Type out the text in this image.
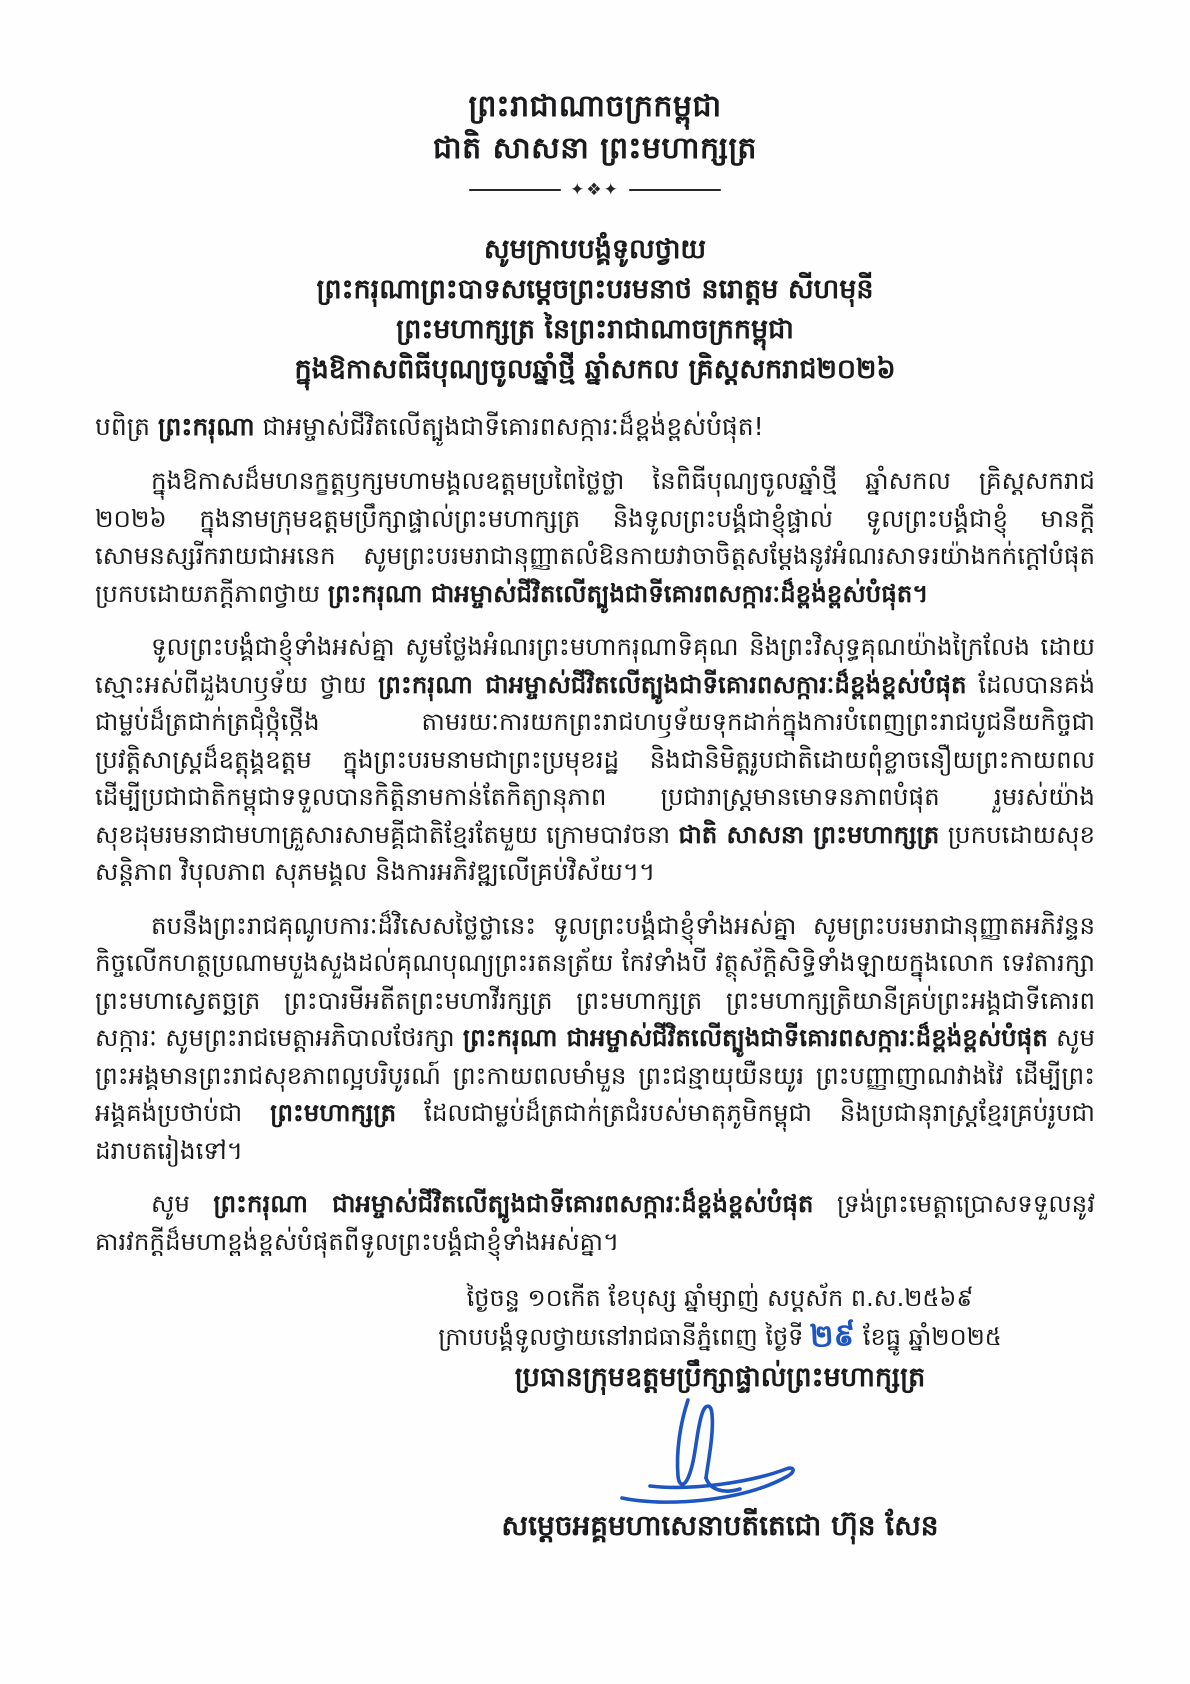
ព្រះរាជាណាចក្រកម្ពុជា
ជាតិ សាសនា ព្រះមហាក្សត្រ
✦❖✦
សូមក្រាបបង្គំទូលថ្វាយ
ព្រះករុណាព្រះបាទសម្តេចព្រះបរមនាថ នរោត្តម សីហមុនី
ព្រះមហាក្សត្រ នៃព្រះរាជាណាចក្រកម្ពុជា
ក្នុងឱកាសពិធីបុណ្យចូលឆ្នាំថ្មី ឆ្នាំសកល គ្រិស្តសករាជ២០២៦

បពិត្រ ព្រះករុណា ជាអម្ចាស់ជីវិតលើត្បូងជាទីគោរពសក្ការៈដ៏ខ្ពង់ខ្ពស់បំផុត!

ក្នុងឱកាសដ៏មហនក្ខត្តឫក្សមហាមង្គលឧត្តមប្រពៃថ្លៃថ្លា នៃពិធីបុណ្យចូលឆ្នាំថ្មី ឆ្នាំសកល គ្រិស្តសករាជ ២០២៦ ក្នុងនាមក្រុមឧត្តមប្រឹក្សាផ្ទាល់ព្រះមហាក្សត្រ និងទូលព្រះបង្គំជាខ្ញុំផ្ទាល់ ទូលព្រះបង្គំជាខ្ញុំ មានក្តីសោមនស្សរីករាយជាអនេក សូមព្រះបរមរាជានុញ្ញាតលំឱនកាយវាចាចិត្តសម្តែងនូវអំណរសាទរយ៉ាងកក់ក្តៅបំផុត ប្រកបដោយភក្តីភាពថ្វាយ ព្រះករុណា ជាអម្ចាស់ជីវិតលើត្បូងជាទីគោរពសក្ការៈដ៏ខ្ពង់ខ្ពស់បំផុត។

ទូលព្រះបង្គំជាខ្ញុំទាំងអស់គ្នា សូមថ្លែងអំណរព្រះមហាករុណាទិគុណ និងព្រះវិសុទ្ធគុណយ៉ាងក្រៃលែង ដោយស្មោះអស់ពីដួងហឫទ័យ ថ្វាយ ព្រះករុណា ជាអម្ចាស់ជីវិតលើត្បូងជាទីគោរពសក្ការៈដ៏ខ្ពង់ខ្ពស់បំផុត ដែលបានគង់ជាម្លប់ដ៏ត្រជាក់ត្រជុំថ្កុំថ្កើង តាមរយៈការយកព្រះរាជហឫទ័យទុកដាក់ក្នុងការបំពេញព្រះរាជបូជនីយកិច្ចជាប្រវត្តិសាស្ត្រដ៏ឧត្តុង្គឧត្តម ក្នុងព្រះបរមនាមជាព្រះប្រមុខរដ្ឋ និងជានិមិត្តរូបជាតិដោយពុំខ្លាចនឿយព្រះកាយពល ដើម្បីប្រជាជាតិកម្ពុជាទទួលបានកិត្តិនាមកាន់តែកិត្យានុភាព ប្រជារាស្ត្រមានមោទនភាពបំផុត រួមរស់យ៉ាងសុខដុមរមនាជាមហាគ្រួសារសាមគ្គីជាតិខ្មែរតែមួយ ក្រោមបាវចនា ជាតិ សាសនា ព្រះមហាក្សត្រ ប្រកបដោយសុខសន្តិភាព វិបុលភាព សុភមង្គល និងការអភិវឌ្ឍលើគ្រប់វិស័យ។។

តបនឹងព្រះរាជគុណូបការៈដ៏វិសេសថ្លៃថ្លានេះ ទូលព្រះបង្គំជាខ្ញុំទាំងអស់គ្នា សូមព្រះបរមរាជានុញ្ញាតអភិវន្ទនកិច្ចលើកហត្ថប្រណាមបួងសួងដល់គុណបុណ្យព្រះរតនត្រ័យ កែវទាំងបី វត្ថុស័ក្តិសិទ្ធិទាំងឡាយក្នុងលោក ទេវតារក្សាព្រះមហាស្វេតច្ឆត្រ ព្រះបារមីអតីតព្រះមហាវីរក្សត្រ ព្រះមហាក្សត្រ ព្រះមហាក្សត្រិយានីគ្រប់ព្រះអង្គជាទីគោរពសក្ការៈ សូមព្រះរាជមេត្តាអភិបាលថែរក្សា ព្រះករុណា ជាអម្ចាស់ជីវិតលើត្បូងជាទីគោរពសក្ការៈដ៏ខ្ពង់ខ្ពស់បំផុត សូមព្រះអង្គមានព្រះរាជសុខភាពល្អបរិបូរណ៍ ព្រះកាយពលមាំមួន ព្រះជន្មាយុយឺនយូរ ព្រះបញ្ញាញាណវាងវៃ ដើម្បីព្រះអង្គគង់ប្រថាប់ជា ព្រះមហាក្សត្រ ដែលជាម្លប់ដ៏ត្រជាក់ត្រជំរបស់មាតុភូមិកម្ពុជា និងប្រជានុរាស្ត្រខ្មែរគ្រប់រូបជាដរាបតរៀងទៅ។

សូម ព្រះករុណា ជាអម្ចាស់ជីវិតលើត្បូងជាទីគោរពសក្ការៈដ៏ខ្ពង់ខ្ពស់បំផុត ទ្រង់ព្រះមេត្តាប្រោសទទួលនូវគារវកក្តីដ៏មហាខ្ពង់ខ្ពស់បំផុតពីទូលព្រះបង្គំជាខ្ញុំទាំងអស់គ្នា។

ថ្ងៃចន្ទ ១០កើត ខែបុស្ស ឆ្នាំម្សាញ់ សប្តស័ក ព.ស.២៥៦៩
ក្រាបបង្គំទូលថ្វាយនៅរាជធានីភ្នំពេញ ថ្ងៃទី ២៩ ខែធ្នូ ឆ្នាំ២០២៥
ប្រធានក្រុមឧត្តមប្រឹក្សាផ្ទាល់ព្រះមហាក្សត្រ
សម្តេចអគ្គមហាសេនាបតីតេជោ ហ៊ុន សែន
